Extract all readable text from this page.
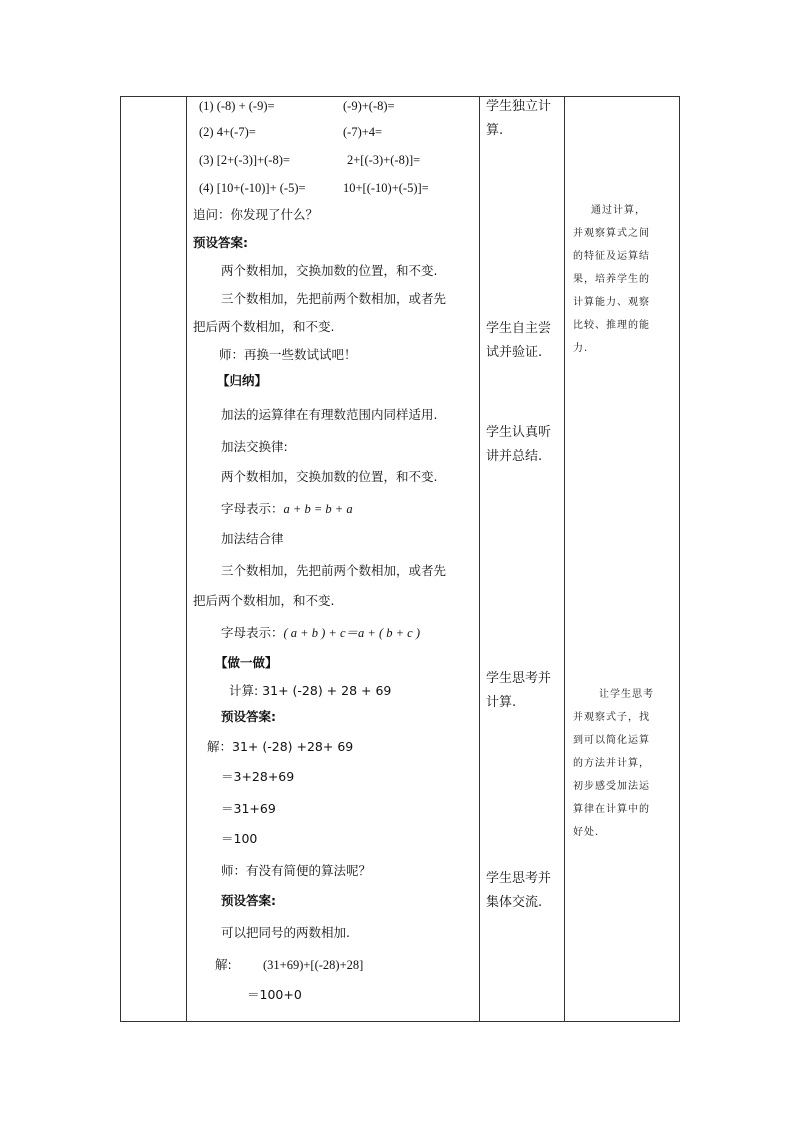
(1) (-8) + (-9)=	(-9)+(-8)=
(2) 4+(-7)=	(-7)+4=
(3) [2+(-3)]+(-8)=	2+[(-3)+(-8)]=
(4) [10+(-10)]+ (-5)=	10+[(-10)+(-5)]=
追问：你发现了什么？
预设答案:
两个数相加，交换加数的位置，和不变.
三个数相加，先把前两个数相加，或者先
把后两个数相加，和不变.
师：再换一些数试试吧！
【归纳】
加法的运算律在有理数范围内同样适用.
加法交换律:
两个数相加，交换加数的位置，和不变.
字母表示：a + b = b + a
加法结合律
三个数相加，先把前两个数相加，或者先
把后两个数相加，和不变.
字母表示：( a + b ) + c＝a + ( b + c )
【做一做】
计算: 31+ (-28) + 28 + 69
预设答案:
解：31+ (-28) +28+ 69
＝3+28+69
＝31+69
＝100
师：有没有简便的算法呢？
预设答案:
可以把同号的两数相加.
解:	(31+69)+[(-28)+28]
＝100+0
学生独立计
算.
学生自主尝
试并验证.
学生认真听
讲并总结.
学生思考并
计算.
学生思考并
集体交流.
通过计算，
并观察算式之间
的特征及运算结
果，培养学生的
计算能力、观察
比较、推理的能
力.
让学生思考
并观察式子，找
到可以简化运算
的方法并计算，
初步感受加法运
算律在计算中的
好处.
